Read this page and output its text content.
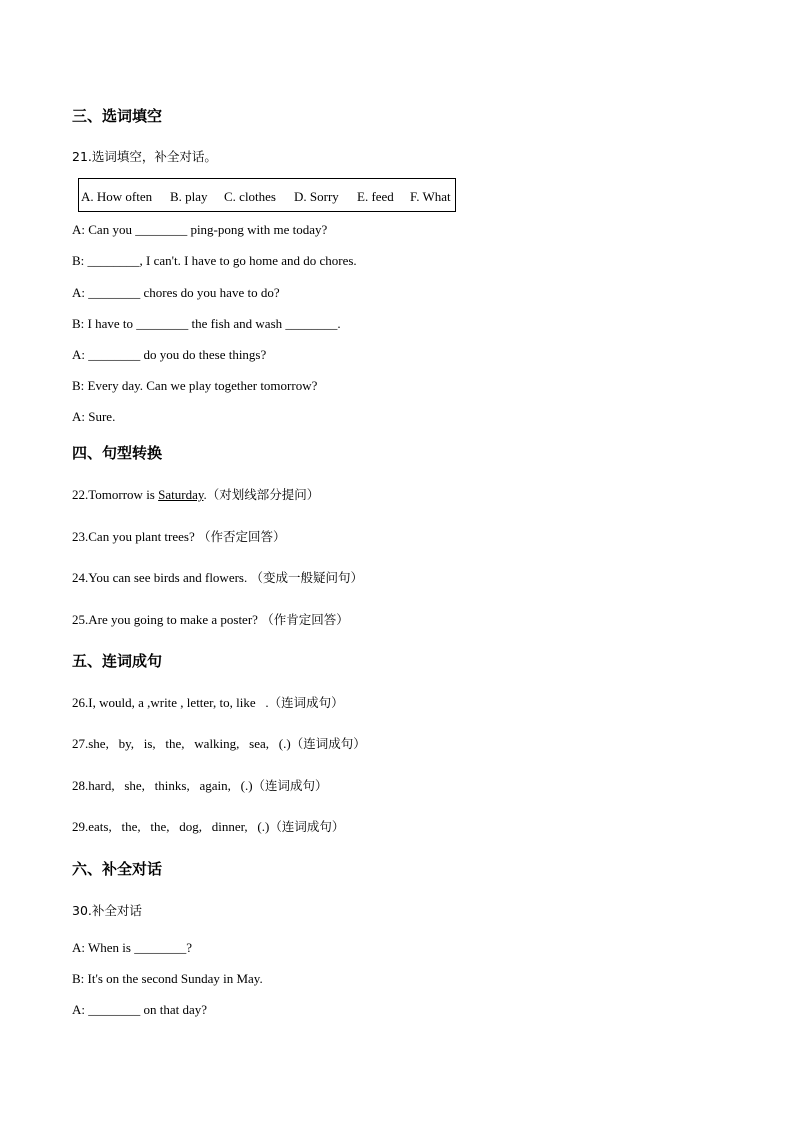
三、选词填空
21.选词填空，补全对话。
A. How often B. play C. clothes D. Sorry E. feed F. What
A: Can you ________ ping-pong with me today?
B: ________, I can't. I have to go home and do chores.
A: ________ chores do you have to do?
B: I have to ________ the fish and wash ________.
A: ________ do you do these things?
B: Every day. Can we play together tomorrow?
A: Sure.
四、句型转换
22.Tomorrow is Saturday.（对划线部分提问）
23.Can you plant trees? （作否定回答）
24.You can see birds and flowers. （变成一般疑问句）
25.Are you going to make a poster? （作肯定回答）
五、连词成句
26.I, would, a ,write , letter, to, like   .（连词成句）
27.she,   by,   is,   the,   walking,   sea,   (.)（连词成句）
28.hard,   she,   thinks,   again,   (.)（连词成句）
29.eats,   the,   the,   dog,   dinner,   (.)（连词成句）
六、补全对话
30.补全对话
A: When is ________?
B: It's on the second Sunday in May.
A: ________ on that day?
